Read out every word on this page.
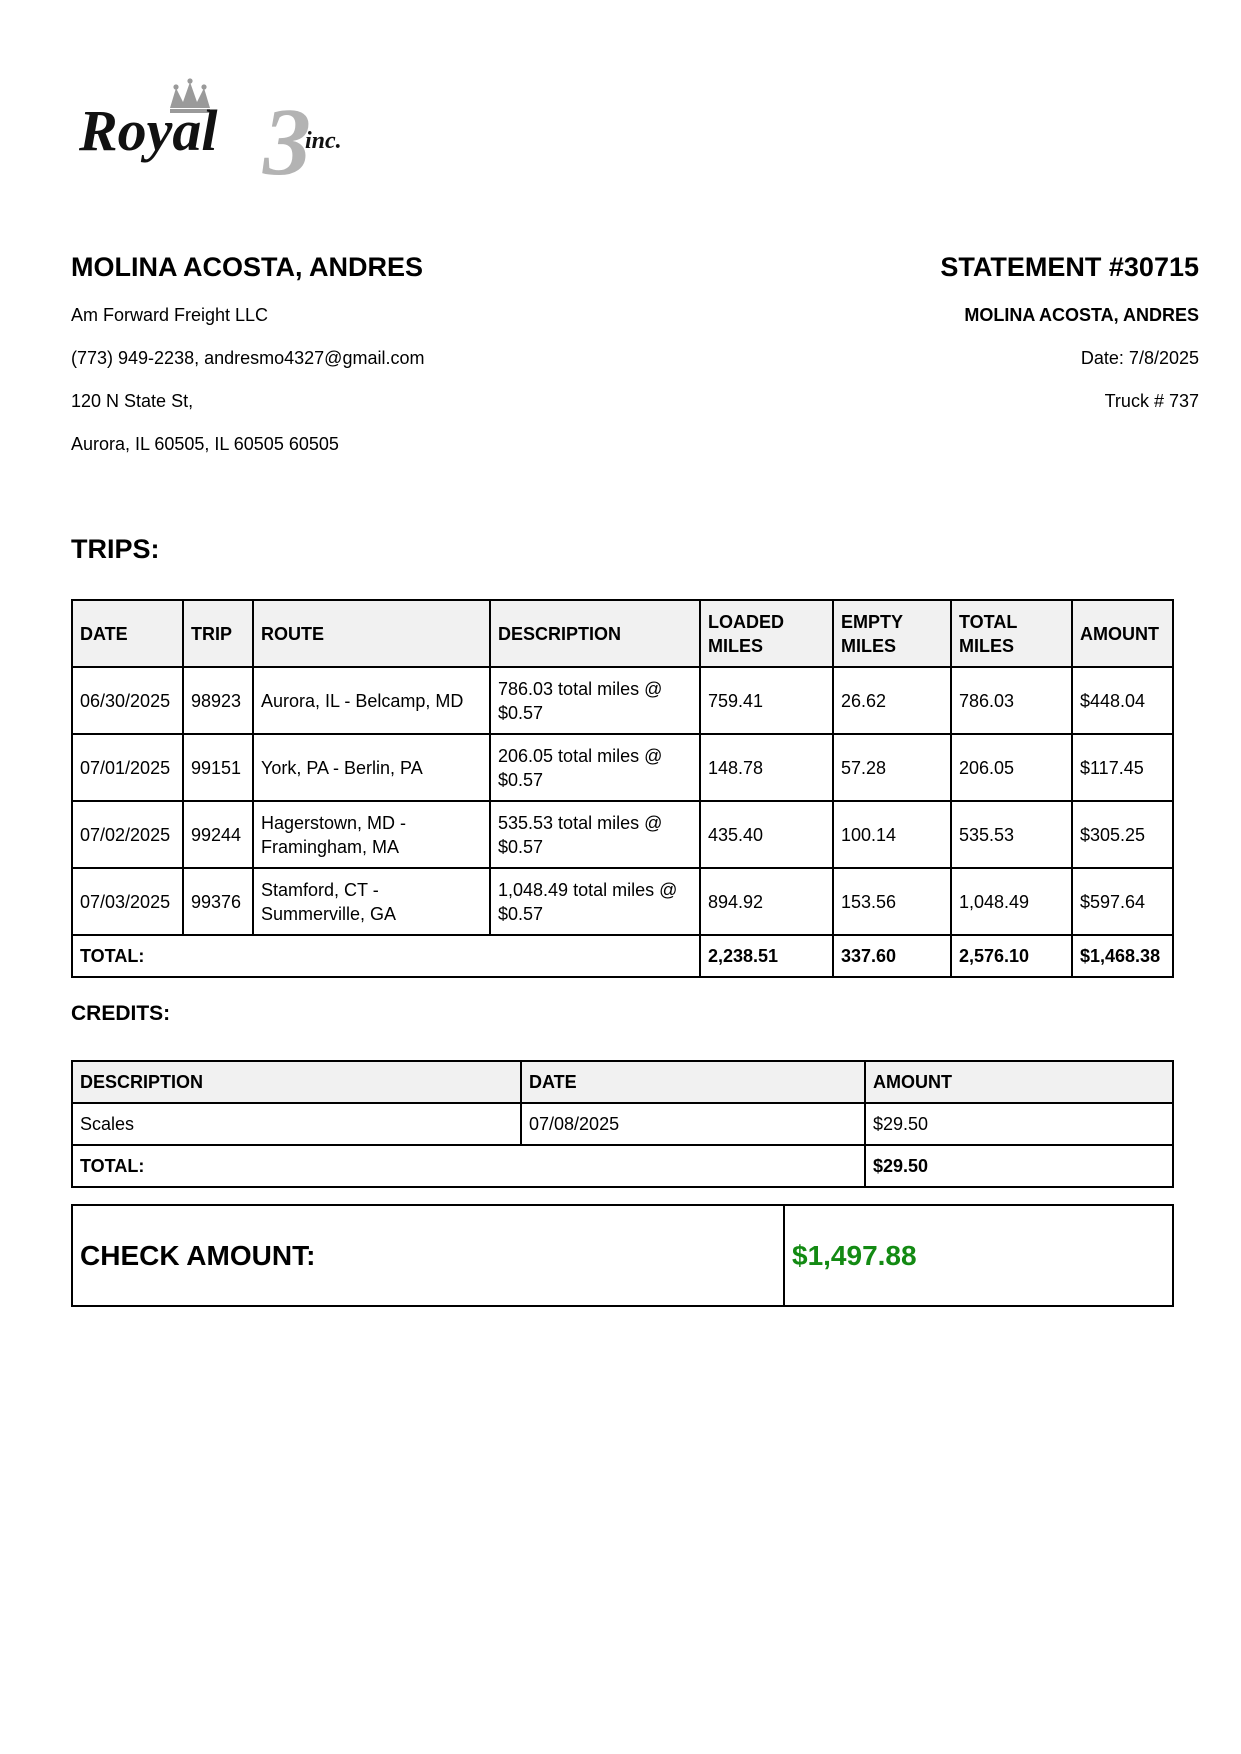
3
Royal	inc.

MOLINA ACOSTA, ANDRES

Am Forward Freight LLC

(773) 949-2238, andresmo4327@gmail.com

120 N State St,

Aurora, IL 60505, IL 60505 60505

STATEMENT #30715

MOLINA ACOSTA, ANDRES

Date: 7/8/2025

Truck # 737

TRIPS:

DATE	TRIP	ROUTE	DESCRIPTION	LOADED MILES	EMPTY MILES	TOTAL MILES	AMOUNT
06/30/2025	98923	Aurora, IL - Belcamp, MD	786.03 total miles @ $0.57	759.41	26.62	786.03	$448.04
07/01/2025	99151	York, PA - Berlin, PA	206.05 total miles @ $0.57	148.78	57.28	206.05	$117.45
07/02/2025	99244	Hagerstown, MD - Framingham, MA	535.53 total miles @ $0.57	435.40	100.14	535.53	$305.25
07/03/2025	99376	Stamford, CT - Summerville, GA	1,048.49 total miles @ $0.57	894.92	153.56	1,048.49	$597.64
TOTAL:				2,238.51	337.60	2,576.10	$1,468.38

CREDITS:

DESCRIPTION	DATE	AMOUNT
Scales	07/08/2025	$29.50
TOTAL:		$29.50
CHECK AMOUNT:	$1,497.88
